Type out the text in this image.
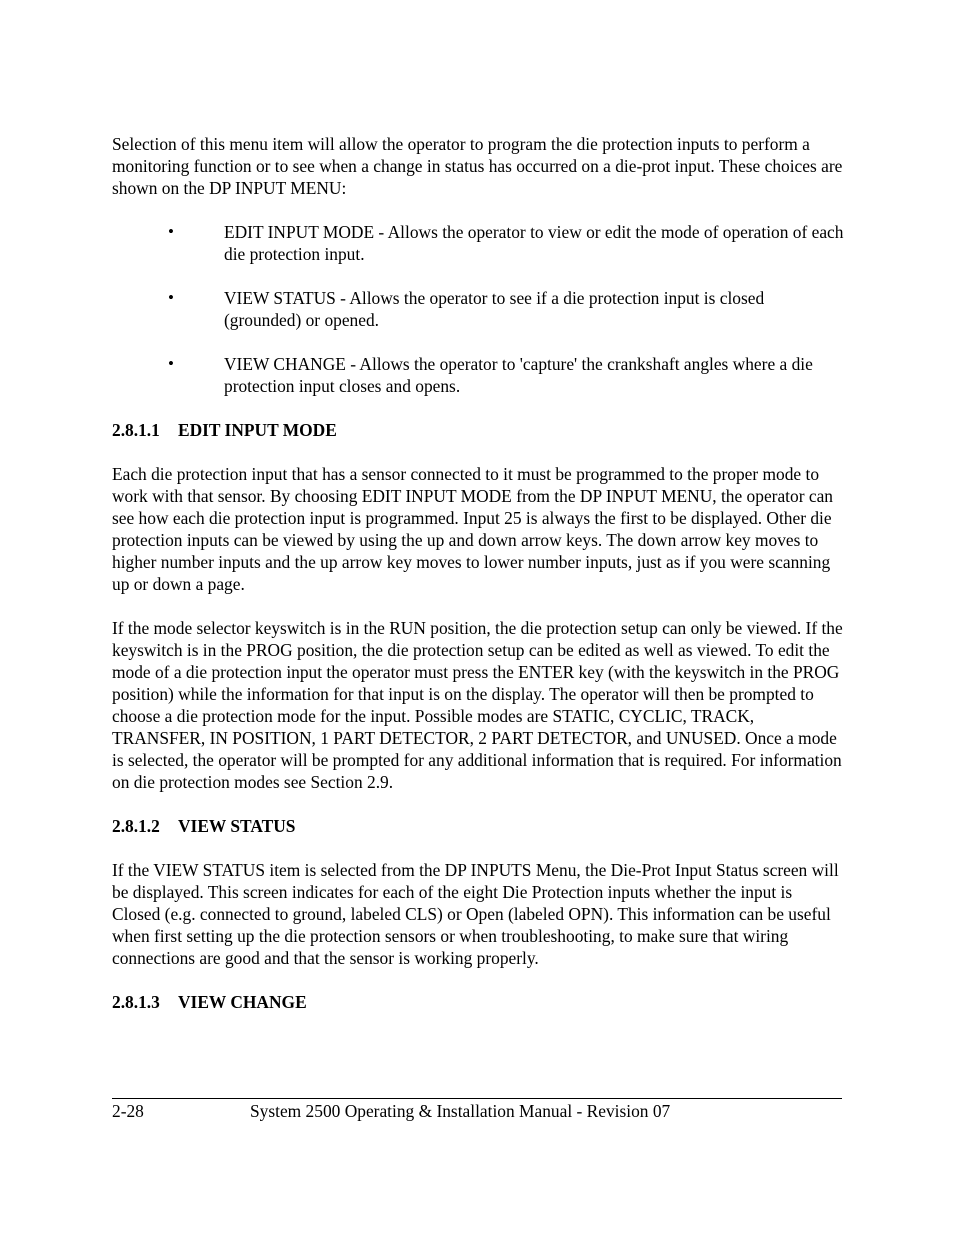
Selection of this menu item will allow the operator to program the die protection inputs to perform a monitoring function or to see when a change in status has occurred on a die-prot input. These choices are shown on the DP INPUT MENU:

•	EDIT INPUT MODE - Allows the operator to view or edit the mode of operation of each die protection input.
•	VIEW STATUS - Allows the operator to see if a die protection input is closed (grounded) or opened.
•	VIEW CHANGE - Allows the operator to 'capture' the crankshaft angles where a die protection input closes and opens.
2.8.1.1 EDIT INPUT MODE

Each die protection input that has a sensor connected to it must be programmed to the proper mode to work with that sensor. By choosing EDIT INPUT MODE from the DP INPUT MENU, the operator can see how each die protection input is programmed. Input 25 is always the first to be displayed. Other die protection inputs can be viewed by using the up and down arrow keys. The down arrow key moves to higher number inputs and the up arrow key moves to lower number inputs, just as if you were scanning up or down a page.

If the mode selector keyswitch is in the RUN position, the die protection setup can only be viewed. If the keyswitch is in the PROG position, the die protection setup can be edited as well as viewed. To edit the mode of a die protection input the operator must press the ENTER key (with the keyswitch in the PROG position) while the information for that input is on the display. The operator will then be prompted to choose a die protection mode for the input. Possible modes are STATIC, CYCLIC, TRACK, TRANSFER, IN POSITION, 1 PART DETECTOR, 2 PART DETECTOR, and UNUSED. Once a mode is selected, the operator will be prompted for any additional information that is required. For information on die protection modes see Section 2.9.

2.8.1.2 VIEW STATUS

If the VIEW STATUS item is selected from the DP INPUTS Menu, the Die-Prot Input Status screen will be displayed. This screen indicates for each of the eight Die Protection inputs whether the input is Closed (e.g. connected to ground, labeled CLS) or Open (labeled OPN). This information can be useful when first setting up the die protection sensors or when troubleshooting, to make sure that wiring connections are good and that the sensor is working properly.

2.8.1.3 VIEW CHANGE
2-28	System 2500 Operating & Installation Manual - Revision 07
